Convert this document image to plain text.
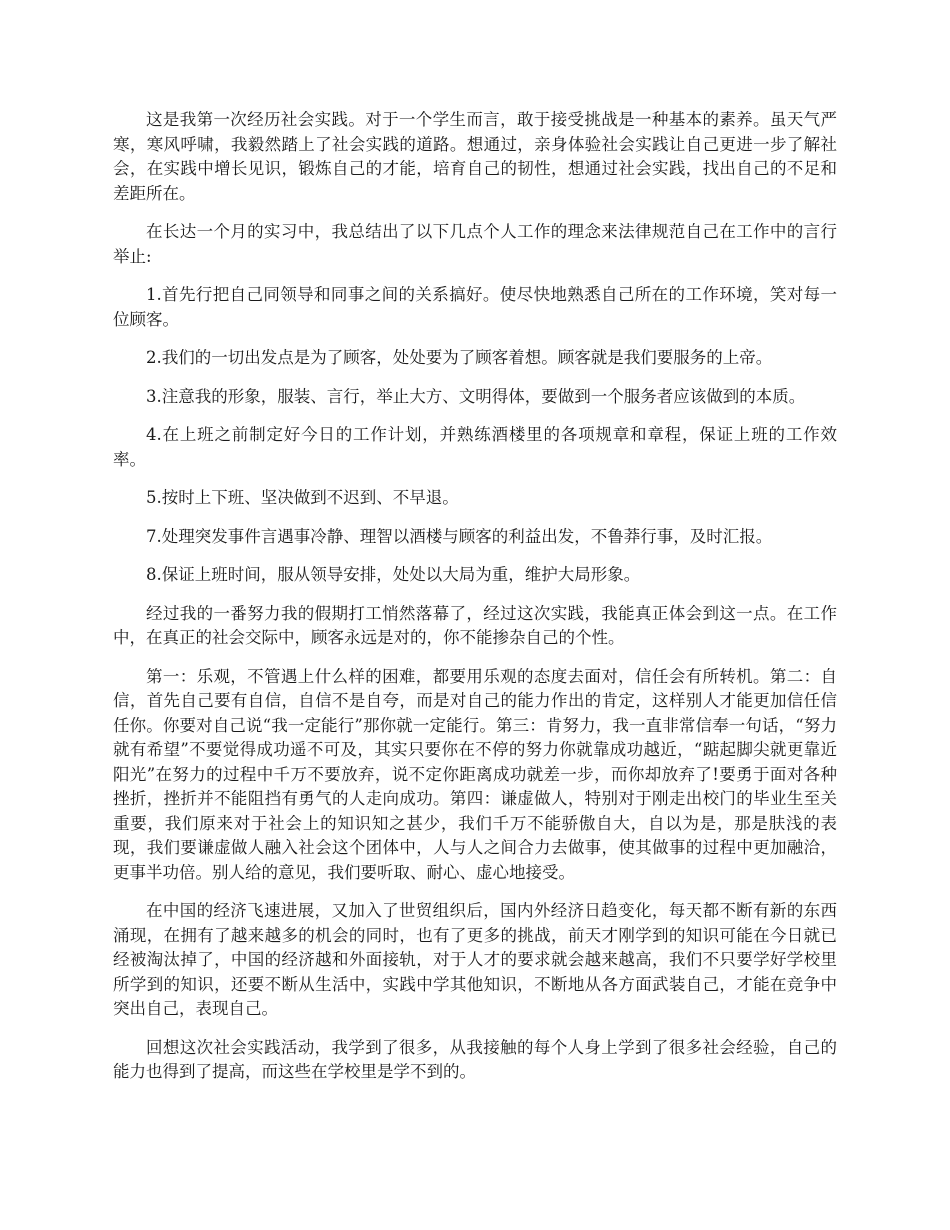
这是我第一次经历社会实践。对于一个学生而言，敢于接受挑战是一种基本的素养。虽天气严寒，寒风呼啸，我毅然踏上了社会实践的道路。想通过，亲身体验社会实践让自己更进一步了解社会，在实践中增长见识，锻炼自己的才能，培育自己的韧性，想通过社会实践，找出自己的不足和差距所在。

在长达一个月的实习中，我总结出了以下几点个人工作的理念来法律规范自己在工作中的言行举止:

1.首先行把自己同领导和同事之间的关系搞好。使尽快地熟悉自己所在的工作环境，笑对每一位顾客。

2.我们的一切出发点是为了顾客，处处要为了顾客着想。顾客就是我们要服务的上帝。

3.注意我的形象，服装、言行，举止大方、文明得体，要做到一个服务者应该做到的本质。

4.在上班之前制定好今日的工作计划，并熟练酒楼里的各项规章和章程，保证上班的工作效率。

5.按时上下班、坚决做到不迟到、不早退。

7.处理突发事件言遇事冷静、理智以酒楼与顾客的利益出发，不鲁莽行事，及时汇报。

8.保证上班时间，服从领导安排，处处以大局为重，维护大局形象。

经过我的一番努力我的假期打工悄然落幕了，经过这次实践，我能真正体会到这一点。在工作中，在真正的社会交际中，顾客永远是对的，你不能掺杂自己的个性。

第一：乐观，不管遇上什么样的困难，都要用乐观的态度去面对，信任会有所转机。第二：自信，首先自己要有自信，自信不是自夸，而是对自己的能力作出的肯定，这样别人才能更加信任信任你。你要对自己说“我一定能行”那你就一定能行。第三：肯努力，我一直非常信奉一句话，“努力就有希望”不要觉得成功遥不可及，其实只要你在不停的努力你就靠成功越近，“踮起脚尖就更靠近阳光”在努力的过程中千万不要放弃，说不定你距离成功就差一步，而你却放弃了!要勇于面对各种挫折，挫折并不能阻挡有勇气的人走向成功。第四：谦虚做人，特别对于刚走出校门的毕业生至关重要，我们原来对于社会上的知识知之甚少，我们千万不能骄傲自大，自以为是，那是肤浅的表现，我们要谦虚做人融入社会这个团体中，人与人之间合力去做事，使其做事的过程中更加融洽，更事半功倍。别人给的意见，我们要听取、耐心、虚心地接受。

在中国的经济飞速进展，又加入了世贸组织后，国内外经济日趋变化，每天都不断有新的东西涌现，在拥有了越来越多的机会的同时，也有了更多的挑战，前天才刚学到的知识可能在今日就已经被淘汰掉了，中国的经济越和外面接轨，对于人才的要求就会越来越高，我们不只要学好学校里所学到的知识，还要不断从生活中，实践中学其他知识，不断地从各方面武装自己，才能在竞争中突出自己，表现自己。

回想这次社会实践活动，我学到了很多，从我接触的每个人身上学到了很多社会经验，自己的能力也得到了提高，而这些在学校里是学不到的。
